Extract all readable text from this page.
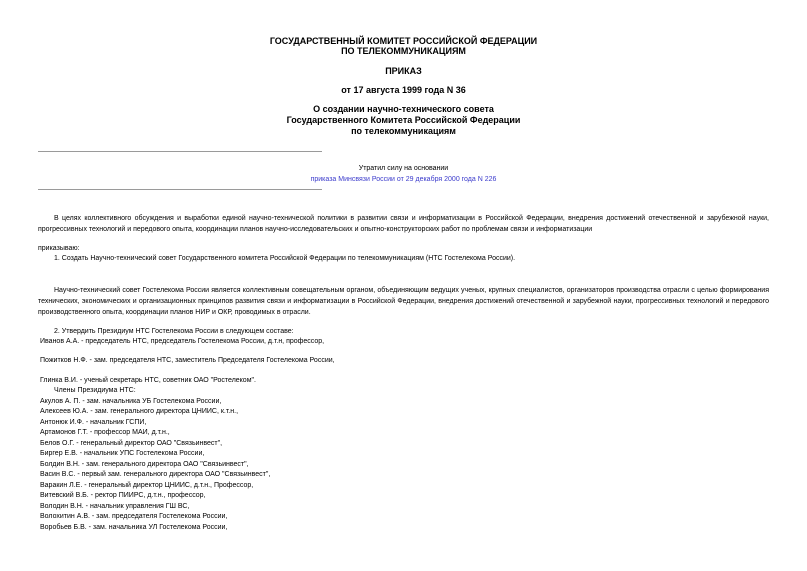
ГОСУДАРСТВЕННЫЙ КОМИТЕТ РОССИЙСКОЙ ФЕДЕРАЦИИ
ПО ТЕЛЕКОММУНИКАЦИЯМ
ПРИКАЗ
от 17 августа 1999 года N 36
О создании научно-технического совета
Государственного Комитета Российской Федерации
по телекоммуникациям
Утратил силу на основании
приказа Минсвязи России от 29 декабря 2000 года N 226
В целях коллективного обсуждения и выработки единой научно-технической политики в развитии связи и информатизации в Российской Федерации, внедрения достижений отечественной и зарубежной науки, прогрессивных технологий и передового опыта, координации планов научно-исследовательских и опытно-конструкторских работ по проблемам связи и информатизации
приказываю:
1. Создать Научно-технический совет Государственного комитета Российской Федерации по телекоммуникациям (НТС Гостелекома России).
Научно-технический совет Гостелекома России является коллективным совещательным органом, объединяющим ведущих ученых, крупных специалистов, организаторов производства отрасли с целью формирования технических, экономических и организационных принципов развития связи и информатизации в Российской Федерации, внедрения достижений отечественной и зарубежной науки, прогрессивных технологий и передового производственного опыта, координации планов НИР и ОКР, проводимых в отрасли.
2. Утвердить Президиум НТС Гостелекома России в следующем составе:
Иванов А.А. - председатель НТС, председатель Гостелекома России, д.т.н, профессор,
Пожитков Н.Ф. - зам. председателя НТС, заместитель Председателя Гостелекома России,
Глинка В.И. - ученый секретарь НТС, советник ОАО "Ростелеком".
Члены Президиума НТС:
Акулов А. П. - зам. начальника УБ Гостелекома России,
Алексеев Ю.А. - зам. генерального директора ЦНИИС, к.т.н.,
Антонюк И.Ф. - начальник ГСПИ,
Артамонов Г.Т. - профессор МАИ, д.т.н.,
Белов О.Г. - генеральный директор ОАО "Связьинвест",
Биргер Е.В. - начальник УПС Гостелекома России,
Болдин В.Н. - зам. генерального директора ОАО "Связьинвест",
Васин В.С. - первый зам. генерального директора ОАО "Связьинвест",
Варакин Л.Е. - генеральный директор ЦНИИС, д.т.н., Профессор,
Витевский В.Б. - ректор ПИИРС, д.т.н., профессор,
Володин В.Н. - начальник управления ГШ ВС,
Волохитин А.В. - зам. председателя Гостелекома России,
Воробьев Б.В. - зам. начальника УЛ Гостелекома России,
